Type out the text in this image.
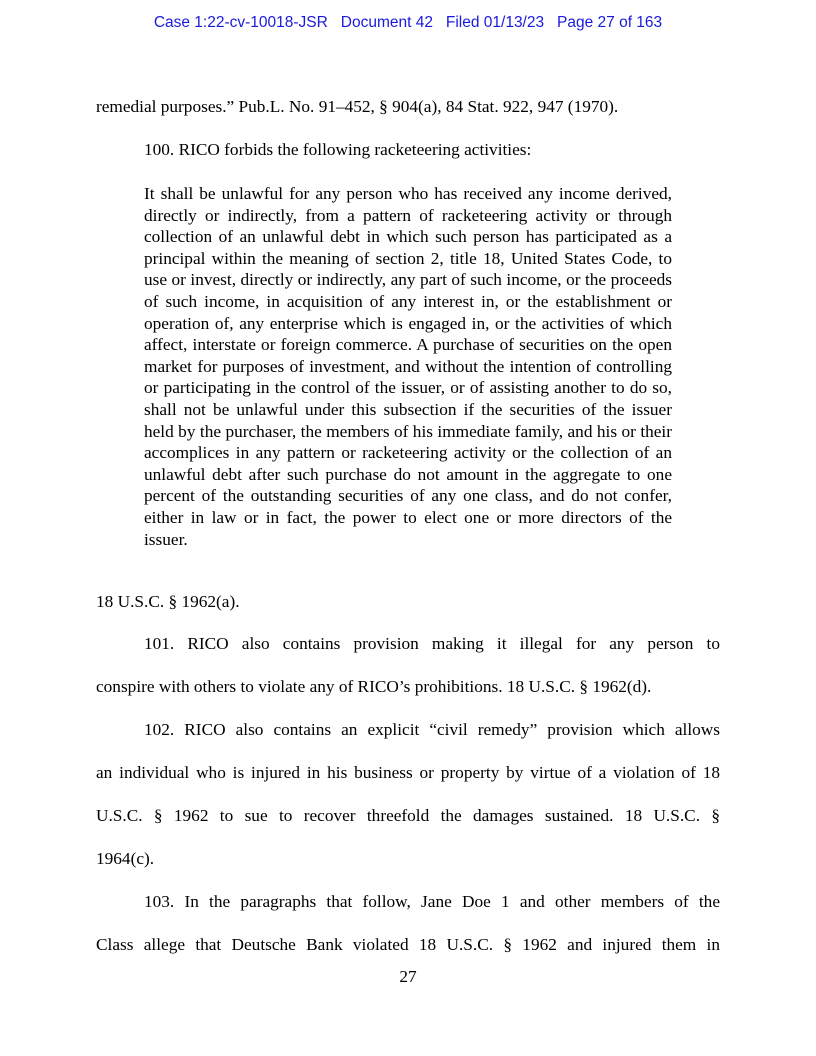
Case 1:22-cv-10018-JSR   Document 42   Filed 01/13/23   Page 27 of 163
remedial purposes.” Pub.L. No. 91–452, § 904(a), 84 Stat. 922, 947 (1970).
100. RICO forbids the following racketeering activities:
It shall be unlawful for any person who has received any income derived, directly or indirectly, from a pattern of racketeering activity or through collection of an unlawful debt in which such person has participated as a principal within the meaning of section 2, title 18, United States Code, to use or invest, directly or indirectly, any part of such income, or the proceeds of such income, in acquisition of any interest in, or the establishment or operation of, any enterprise which is engaged in, or the activities of which affect, interstate or foreign commerce. A purchase of securities on the open market for purposes of investment, and without the intention of controlling or participating in the control of the issuer, or of assisting another to do so, shall not be unlawful under this subsection if the securities of the issuer held by the purchaser, the members of his immediate family, and his or their accomplices in any pattern or racketeering activity or the collection of an unlawful debt after such purchase do not amount in the aggregate to one percent of the outstanding securities of any one class, and do not confer, either in law or in fact, the power to elect one or more directors of the issuer.
18 U.S.C. § 1962(a).
101. RICO also contains provision making it illegal for any person to
conspire with others to violate any of RICO’s prohibitions. 18 U.S.C. § 1962(d).
102. RICO also contains an explicit “civil remedy” provision which allows
an individual who is injured in his business or property by virtue of a violation of 18
U.S.C. § 1962 to sue to recover threefold the damages sustained. 18 U.S.C. §
1964(c).
103. In the paragraphs that follow, Jane Doe 1 and other members of the
Class allege that Deutsche Bank violated 18 U.S.C. § 1962 and injured them in
27
